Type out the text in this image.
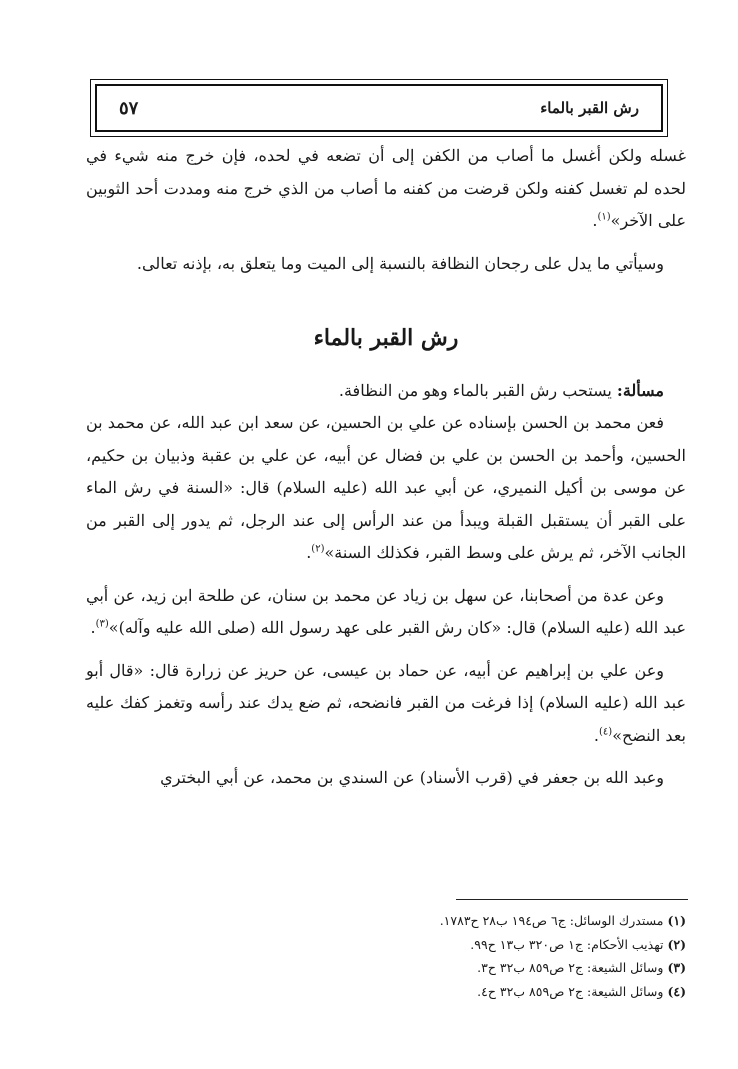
رش القبر بالماء
٥٧

غسله ولكن أغسل ما أصاب من الكفن إلى أن تضعه في لحده، فإن خرج منه شيء في لحده لم تغسل كفنه ولكن قرضت من كفنه ما أصاب من الذي خرج منه ومددت أحد الثوبين على الآخر»$^{(١)}$.

وسيأتي ما يدل على رجحان النظافة بالنسبة إلى الميت وما يتعلق به، بإذنه تعالى.

رش القبر بالماء

مسألة: يستحب رش القبر بالماء وهو من النظافة.

فعن محمد بن الحسن بإسناده عن علي بن الحسين، عن سعد ابن عبد الله، عن محمد بن الحسين، وأحمد بن الحسن بن علي بن فضال عن أبيه، عن علي بن عقبة وذبيان بن حكيم، عن موسى بن أكيل النميري، عن أبي عبد الله (عليه السلام) قال: «السنة في رش الماء على القبر أن يستقبل القبلة ويبدأ من عند الرأس إلى عند الرجل، ثم يدور إلى القبر من الجانب الآخر، ثم يرش على وسط القبر، فكذلك السنة»$^{(٢)}$.

وعن عدة من أصحابنا، عن سهل بن زياد عن محمد بن سنان، عن طلحة ابن زيد، عن أبي عبد الله (عليه السلام) قال: «كان رش القبر على عهد رسول الله (صلى الله عليه وآله)»$^{(٣)}$.

وعن علي بن إبراهيم عن أبيه، عن حماد بن عيسى، عن حريز عن زرارة قال: «قال أبو عبد الله (عليه السلام) إذا فرغت من القبر فانضحه، ثم ضع يدك عند رأسه وتغمز كفك عليه بعد النضح»$^{(٤)}$.

وعبد الله بن جعفر في (قرب الأسناد) عن السندي بن محمد، عن أبي البختري

(١) مستدرك الوسائل: ج٦ ص١٩٤ ب٢٨ ح١٧٨٣.
(٢) تهذيب الأحكام: ج١ ص٣٢٠ ب١٣ ح٩٩.
(٣) وسائل الشيعة: ج٢ ص٨٥٩ ب٣٢ ح٣.
(٤) وسائل الشيعة: ج٢ ص٨٥٩ ب٣٢ ح٤.
